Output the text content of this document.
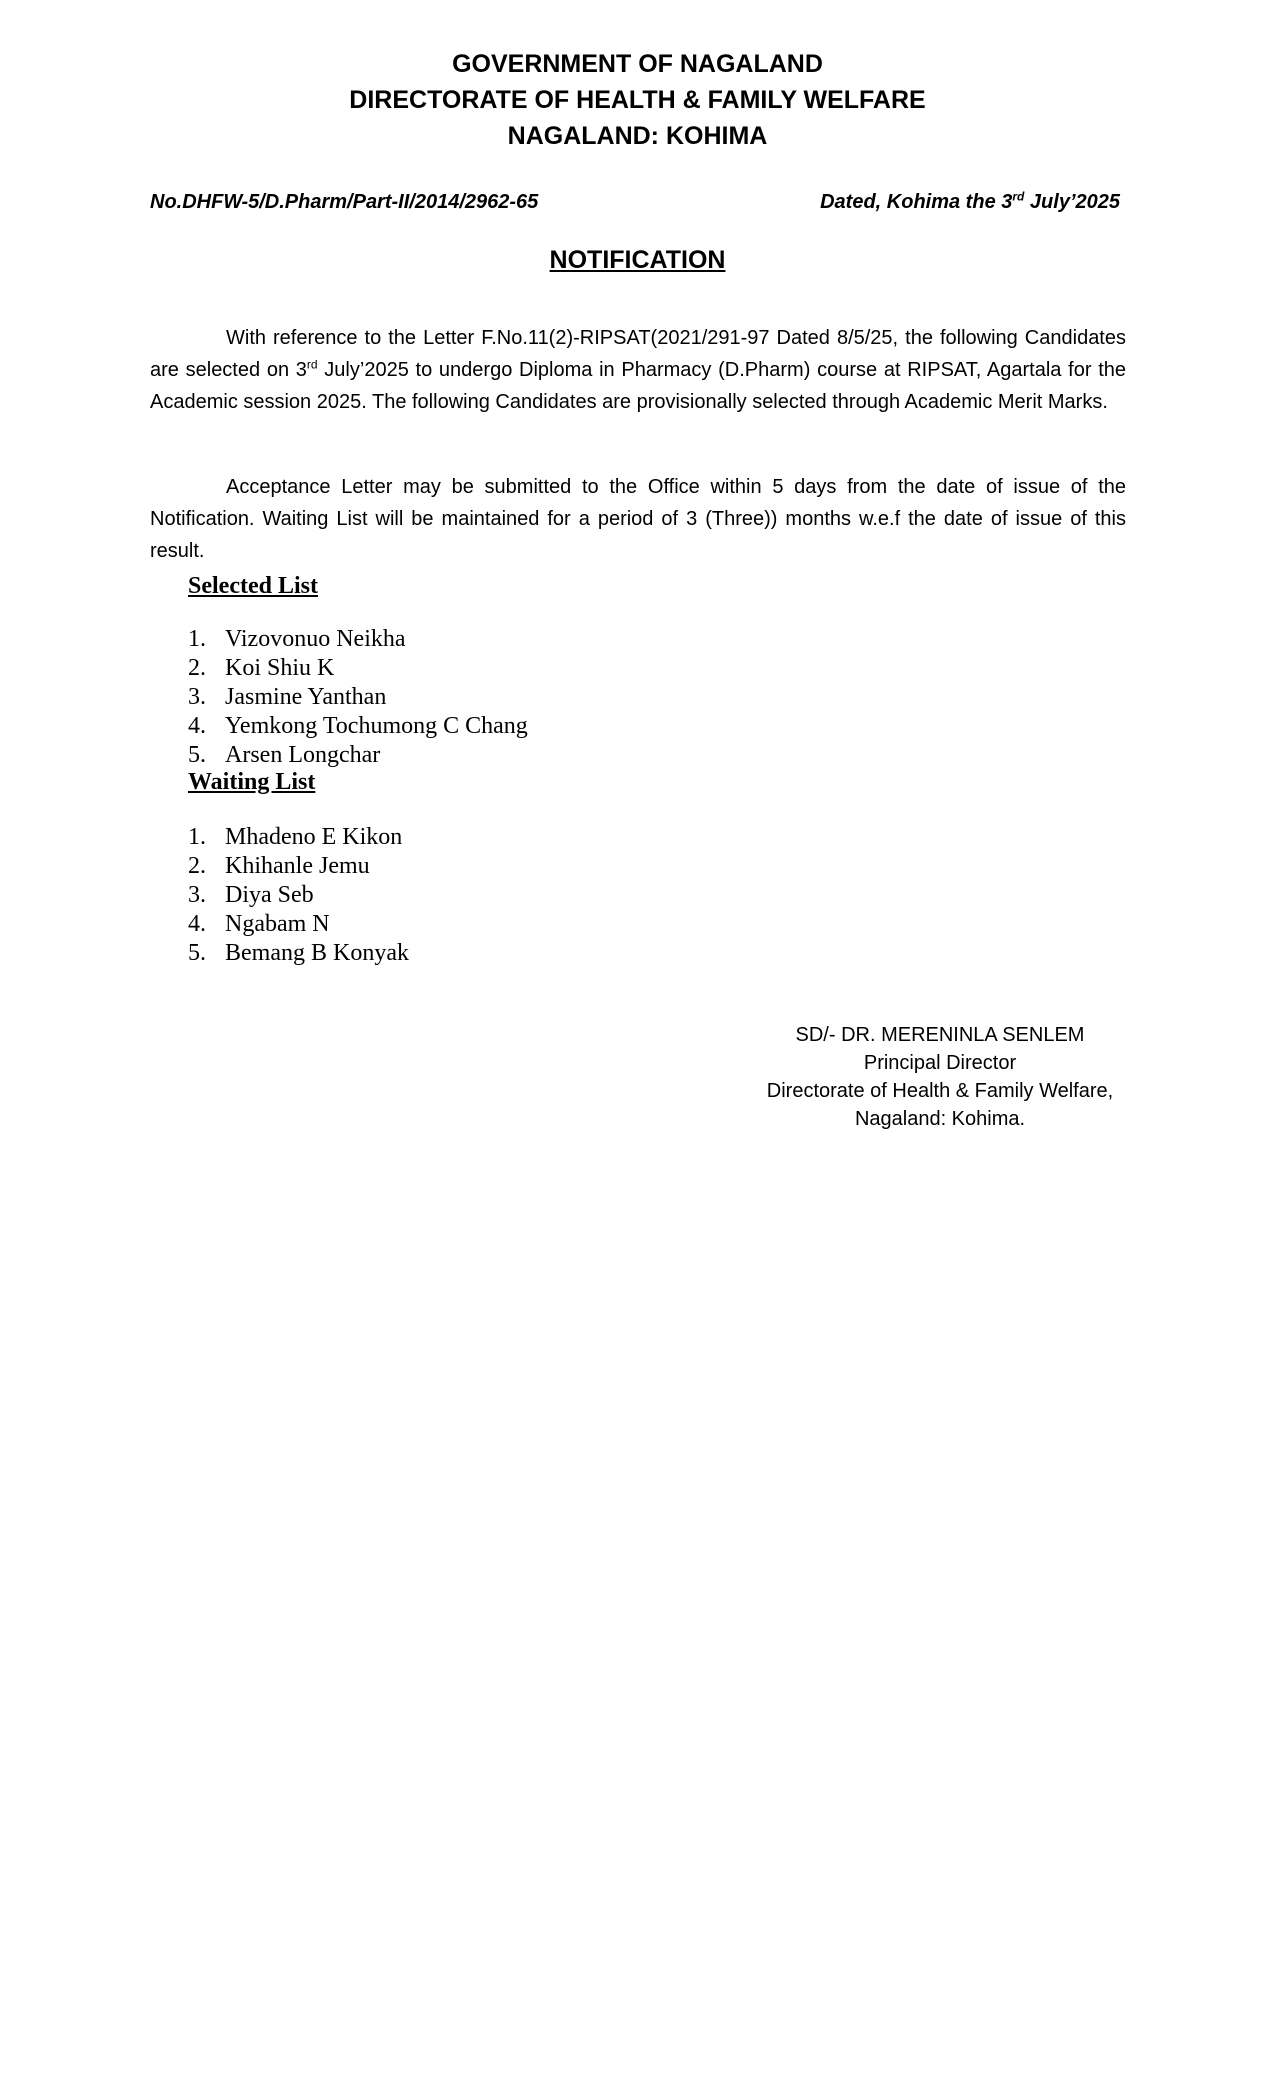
GOVERNMENT OF NAGALAND
DIRECTORATE OF HEALTH & FAMILY WELFARE
NAGALAND: KOHIMA
No.DHFW-5/D.Pharm/Part-II/2014/2962-65	Dated, Kohima the 3rd July’2025
NOTIFICATION

With reference to the Letter F.No.11(2)-RIPSAT(2021/291-97 Dated 8/5/25, the following Candidates are selected on 3rd July’2025 to undergo Diploma in Pharmacy (D.Pharm) course at RIPSAT, Agartala for the Academic session 2025. The following Candidates are provisionally selected through Academic Merit Marks.

Acceptance Letter may be submitted to the Office within 5 days from the date of issue of the Notification. Waiting List will be maintained for a period of 3 (Three)) months w.e.f the date of issue of this result.

Selected List
1. Vizovonuo Neikha
2. Koi Shiu K
3. Jasmine Yanthan
4. Yemkong Tochumong C Chang
5. Arsen Longchar
Waiting List
1. Mhadeno E Kikon
2. Khihanle Jemu
3. Diya Seb
4. Ngabam N
5. Bemang B Konyak
SD/- DR. MERENINLA SENLEM
Principal Director
Directorate of Health & Family Welfare,
Nagaland: Kohima.
